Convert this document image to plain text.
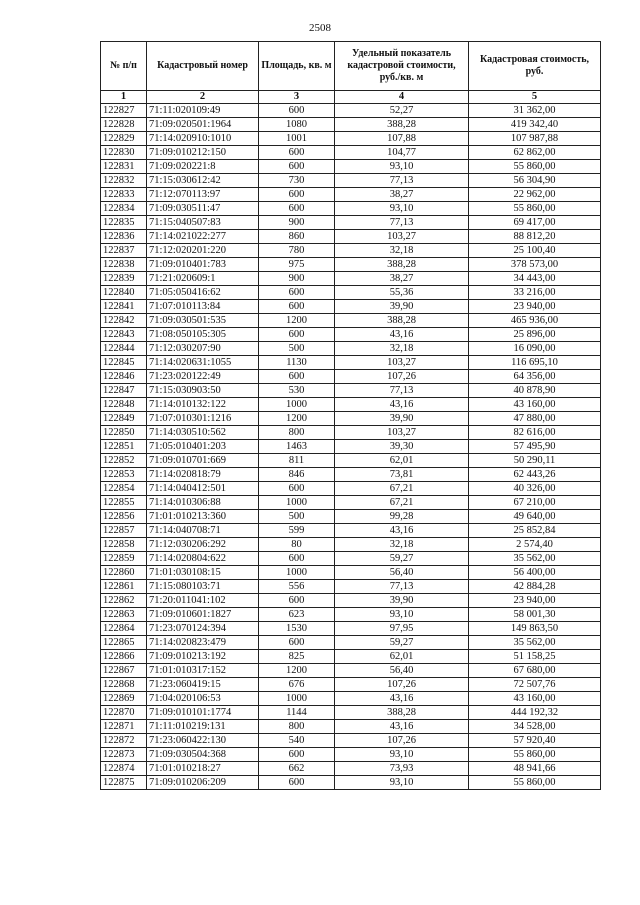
2508
№ п/п	Кадастровый номер	Площадь, кв. м	Удельный показатель кадастровой стоимости, руб./кв. м	Кадастровая стоимость, руб.
1	2	3	4	5
122827	71:11:020109:49	600	52,27	31 362,00
122828	71:09:020501:1964	1080	388,28	419 342,40
122829	71:14:020910:1010	1001	107,88	107 987,88
122830	71:09:010212:150	600	104,77	62 862,00
122831	71:09:020221:8	600	93,10	55 860,00
122832	71:15:030612:42	730	77,13	56 304,90
122833	71:12:070113:97	600	38,27	22 962,00
122834	71:09:030511:47	600	93,10	55 860,00
122835	71:15:040507:83	900	77,13	69 417,00
122836	71:14:021022:277	860	103,27	88 812,20
122837	71:12:020201:220	780	32,18	25 100,40
122838	71:09:010401:783	975	388,28	378 573,00
122839	71:21:020609:1	900	38,27	34 443,00
122840	71:05:050416:62	600	55,36	33 216,00
122841	71:07:010113:84	600	39,90	23 940,00
122842	71:09:030501:535	1200	388,28	465 936,00
122843	71:08:050105:305	600	43,16	25 896,00
122844	71:12:030207:90	500	32,18	16 090,00
122845	71:14:020631:1055	1130	103,27	116 695,10
122846	71:23:020122:49	600	107,26	64 356,00
122847	71:15:030903:50	530	77,13	40 878,90
122848	71:14:010132:122	1000	43,16	43 160,00
122849	71:07:010301:1216	1200	39,90	47 880,00
122850	71:14:030510:562	800	103,27	82 616,00
122851	71:05:010401:203	1463	39,30	57 495,90
122852	71:09:010701:669	811	62,01	50 290,11
122853	71:14:020818:79	846	73,81	62 443,26
122854	71:14:040412:501	600	67,21	40 326,00
122855	71:14:010306:88	1000	67,21	67 210,00
122856	71:01:010213:360	500	99,28	49 640,00
122857	71:14:040708:71	599	43,16	25 852,84
122858	71:12:030206:292	80	32,18	2 574,40
122859	71:14:020804:622	600	59,27	35 562,00
122860	71:01:030108:15	1000	56,40	56 400,00
122861	71:15:080103:71	556	77,13	42 884,28
122862	71:20:011041:102	600	39,90	23 940,00
122863	71:09:010601:1827	623	93,10	58 001,30
122864	71:23:070124:394	1530	97,95	149 863,50
122865	71:14:020823:479	600	59,27	35 562,00
122866	71:09:010213:192	825	62,01	51 158,25
122867	71:01:010317:152	1200	56,40	67 680,00
122868	71:23:060419:15	676	107,26	72 507,76
122869	71:04:020106:53	1000	43,16	43 160,00
122870	71:09:010101:1774	1144	388,28	444 192,32
122871	71:11:010219:131	800	43,16	34 528,00
122872	71:23:060422:130	540	107,26	57 920,40
122873	71:09:030504:368	600	93,10	55 860,00
122874	71:01:010218:27	662	73,93	48 941,66
122875	71:09:010206:209	600	93,10	55 860,00
